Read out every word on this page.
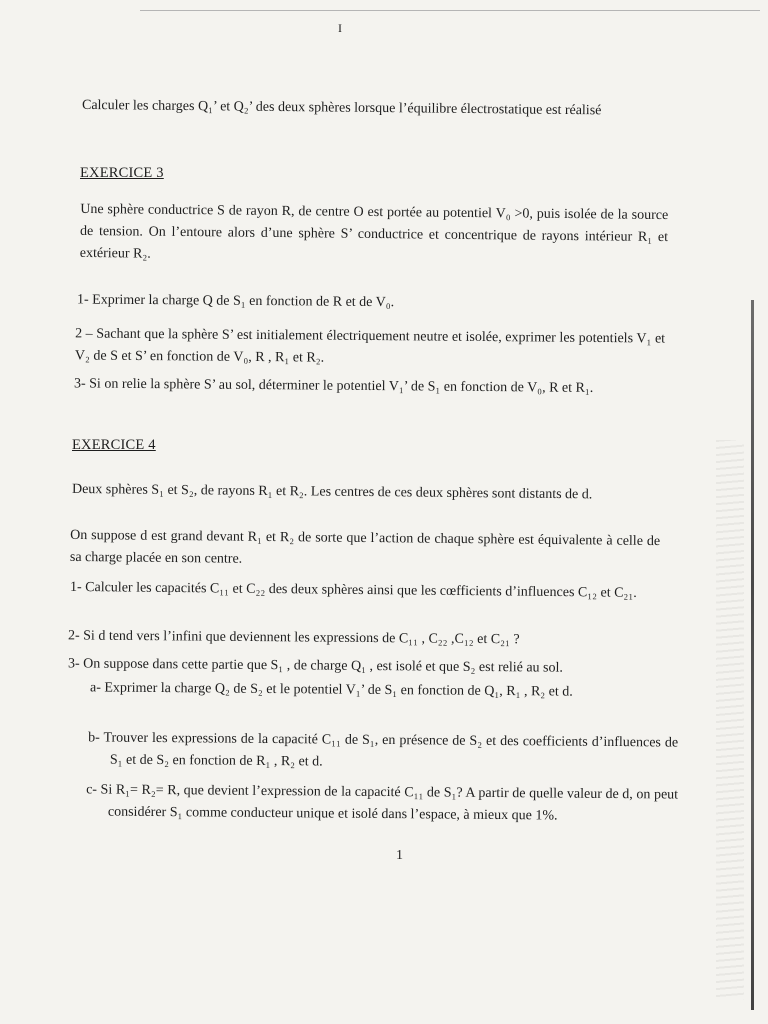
I
Calculer les charges Q₁’ et Q₂’ des deux sphères lorsque l’équilibre électrostatique est réalisé
EXERCICE 3
Une sphère conductrice S de rayon R, de centre O est portée au potentiel V₀ >0, puis isolée de la source de tension. On l’entoure alors d’une sphère S’ conductrice et concentrique de rayons intérieur R₁ et extérieur R₂.
1- Exprimer la charge Q de S₁ en fonction de R et de V₀.
2 – Sachant que la sphère S’ est initialement électriquement neutre et isolée, exprimer les potentiels V₁ et V₂ de S et S’ en fonction de V₀, R , R₁ et R₂.
3- Si on relie la sphère S’ au sol, déterminer le potentiel V₁’ de S₁ en fonction de V₀, R et R₁.
EXERCICE 4
Deux sphères S₁ et S₂, de rayons R₁ et R₂. Les centres de ces deux sphères sont distants de d.
On suppose d est grand devant R₁ et R₂ de sorte que l’action de chaque sphère est équivalente à celle de sa charge placée en son centre.
1- Calculer les capacités C₁₁ et C₂₂ des deux sphères ainsi que les cœfficients d’influences C₁₂ et C₂₁.
2- Si d tend vers l’infini que deviennent les expressions de C₁₁ , C₂₂ ,C₁₂ et C₂₁ ?
3- On suppose dans cette partie que S₁ , de charge Q₁ , est isolé et que S₂ est relié au sol.
a- Exprimer la charge Q₂ de S₂ et le potentiel V₁’ de S₁ en fonction de Q₁, R₁ , R₂ et d.
b- Trouver les expressions de la capacité C₁₁ de S₁, en présence de S₂ et des coefficients d’influences de S₁ et de S₂ en fonction de R₁ , R₂ et d.
c- Si R₁= R₂= R, que devient l’expression de la capacité C₁₁ de S₁? A partir de quelle valeur de d, on peut considérer S₁ comme conducteur unique et isolé dans l’espace, à mieux que 1%.
1
